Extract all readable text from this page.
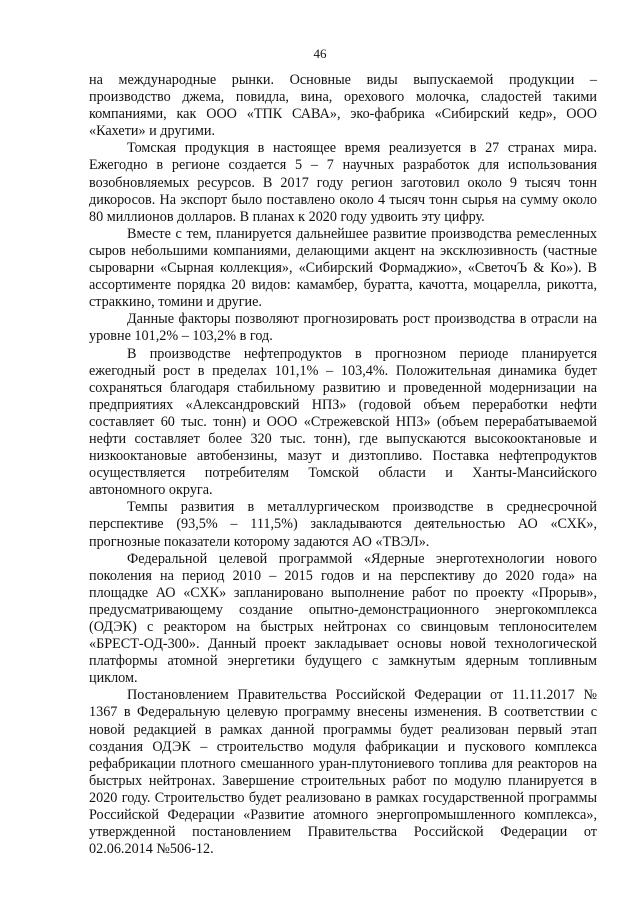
46

на международные рынки. Основные виды выпускаемой продукции – производство джема, повидла, вина, орехового молочка, сладостей такими компаниями, как ООО «ТПК САВА», эко-фабрика «Сибирский кедр», ООО «Кахети» и другими.

Томская продукция в настоящее время реализуется в 27 странах мира. Ежегодно в регионе создается 5 – 7 научных разработок для использования возобновляемых ресурсов. В 2017 году регион заготовил около 9 тысяч тонн дикоросов. На экспорт было поставлено около 4 тысяч тонн сырья на сумму около 80 миллионов долларов. В планах к 2020 году удвоить эту цифру.

Вместе с тем, планируется дальнейшее развитие производства ремесленных сыров небольшими компаниями, делающими акцент на эксклюзивность (частные сыроварни «Сырная коллекция», «Сибирский Формаджио», «СветочЪ & Ко»). В ассортименте порядка 20 видов: камамбер, буратта, качотта, моцарелла, рикотта, страккино, томини и другие.

Данные факторы позволяют прогнозировать рост производства в отрасли на уровне 101,2% – 103,2% в год.

В производстве нефтепродуктов в прогнозном периоде планируется ежегодный рост в пределах 101,1% – 103,4%. Положительная динамика будет сохраняться благодаря стабильному развитию и проведенной модернизации на предприятиях «Александровский НПЗ» (годовой объем переработки нефти составляет 60 тыс. тонн) и ООО «Стрежевской НПЗ» (объем перерабатываемой нефти составляет более 320 тыс. тонн), где выпускаются высокооктановые и низкооктановые автобензины, мазут и дизтопливо. Поставка нефтепродуктов осуществляется потребителям Томской области и Ханты-Мансийского автономного округа.

Темпы развития в металлургическом производстве в среднесрочной перспективе (93,5% – 111,5%) закладываются деятельностью АО «СХК», прогнозные показатели которому задаются АО «ТВЭЛ».

Федеральной целевой программой «Ядерные энерготехнологии нового поколения на период 2010 – 2015 годов и на перспективу до 2020 года» на площадке АО «СХК» запланировано выполнение работ по проекту «Прорыв», предусматривающему создание опытно-демонстрационного энергокомплекса (ОДЭК) с реактором на быстрых нейтронах со свинцовым теплоносителем «БРЕСТ-ОД-300». Данный проект закладывает основы новой технологической платформы атомной энергетики будущего с замкнутым ядерным топливным циклом.

Постановлением Правительства Российской Федерации от 11.11.2017 № 1367 в Федеральную целевую программу внесены изменения. В соответствии с новой редакцией в рамках данной программы будет реализован первый этап создания ОДЭК – строительство модуля фабрикации и пускового комплекса рефабрикации плотного смешанного уран-плутониевого топлива для реакторов на быстрых нейтронах. Завершение строительных работ по модулю планируется в 2020 году. Строительство будет реализовано в рамках государственной программы Российской Федерации «Развитие атомного энергопромышленного комплекса», утвержденной постановлением Правительства Российской Федерации от 02.06.2014 №506-12.
